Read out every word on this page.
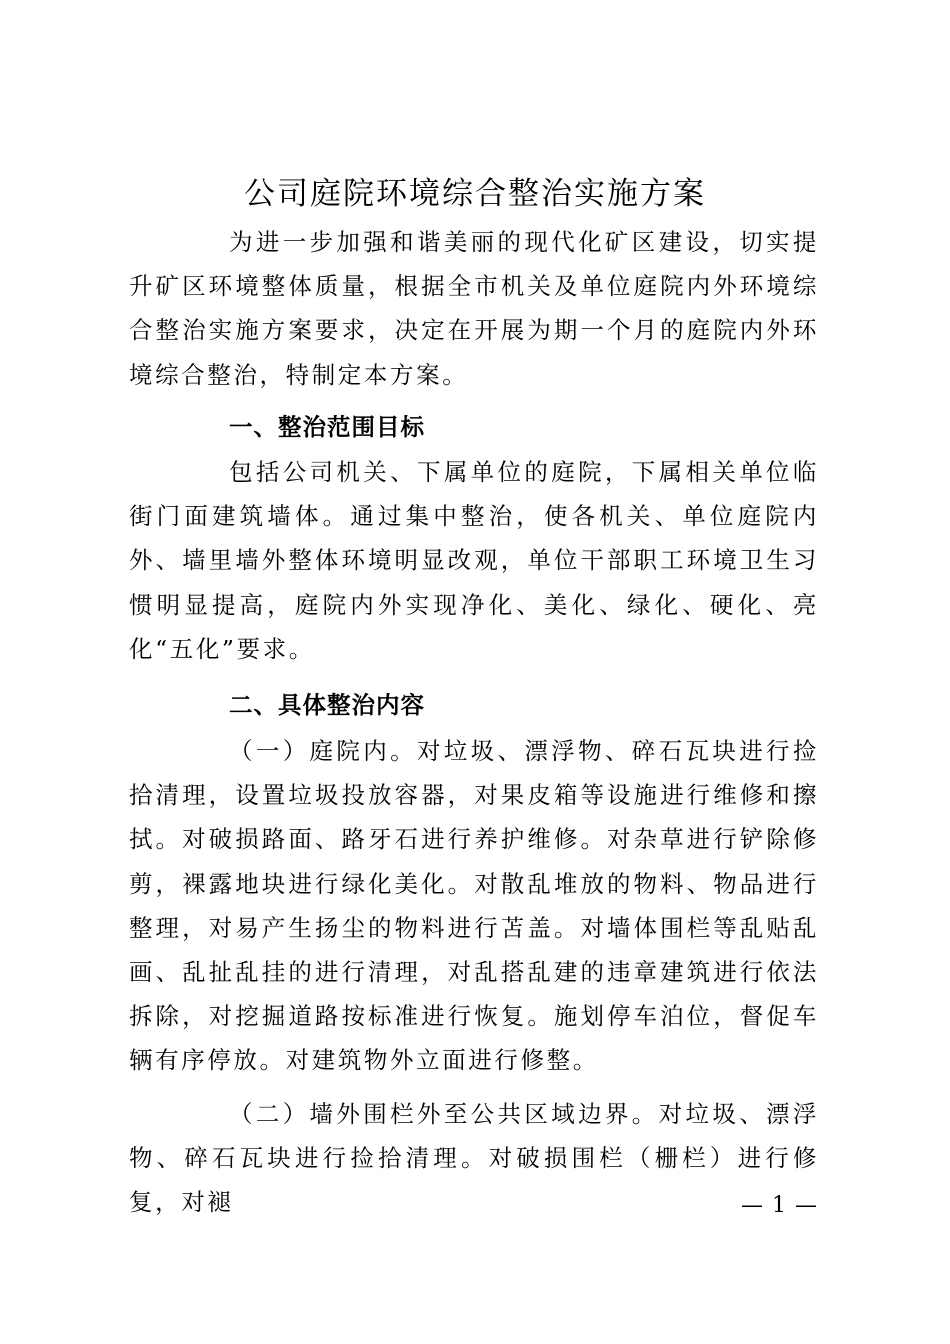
公司庭院环境综合整治实施方案

为进一步加强和谐美丽的现代化矿区建设，切实提升矿区环境整体质量，根据全市机关及单位庭院内外环境综合整治实施方案要求，决定在开展为期一个月的庭院内外环境综合整治，特制定本方案。

一、整治范围目标

包括公司机关、下属单位的庭院，下属相关单位临街门面建筑墙体。通过集中整治，使各机关、单位庭院内外、墙里墙外整体环境明显改观，单位干部职工环境卫生习惯明显提高，庭院内外实现净化、美化、绿化、硬化、亮化“五化”要求。

二、具体整治内容

（一）庭院内。对垃圾、漂浮物、碎石瓦块进行捡拾清理，设置垃圾投放容器，对果皮箱等设施进行维修和擦拭。对破损路面、路牙石进行养护维修。对杂草进行铲除修剪，裸露地块进行绿化美化。对散乱堆放的物料、物品进行整理，对易产生扬尘的物料进行苫盖。对墙体围栏等乱贴乱画、乱扯乱挂的进行清理，对乱搭乱建的违章建筑进行依法拆除，对挖掘道路按标准进行恢复。施划停车泊位，督促车辆有序停放。对建筑物外立面进行修整。

（二）墙外围栏外至公共区域边界。对垃圾、漂浮物、碎石瓦块进行捡拾清理。对破损围栏（栅栏）进行修复，对褪	— 1 —
